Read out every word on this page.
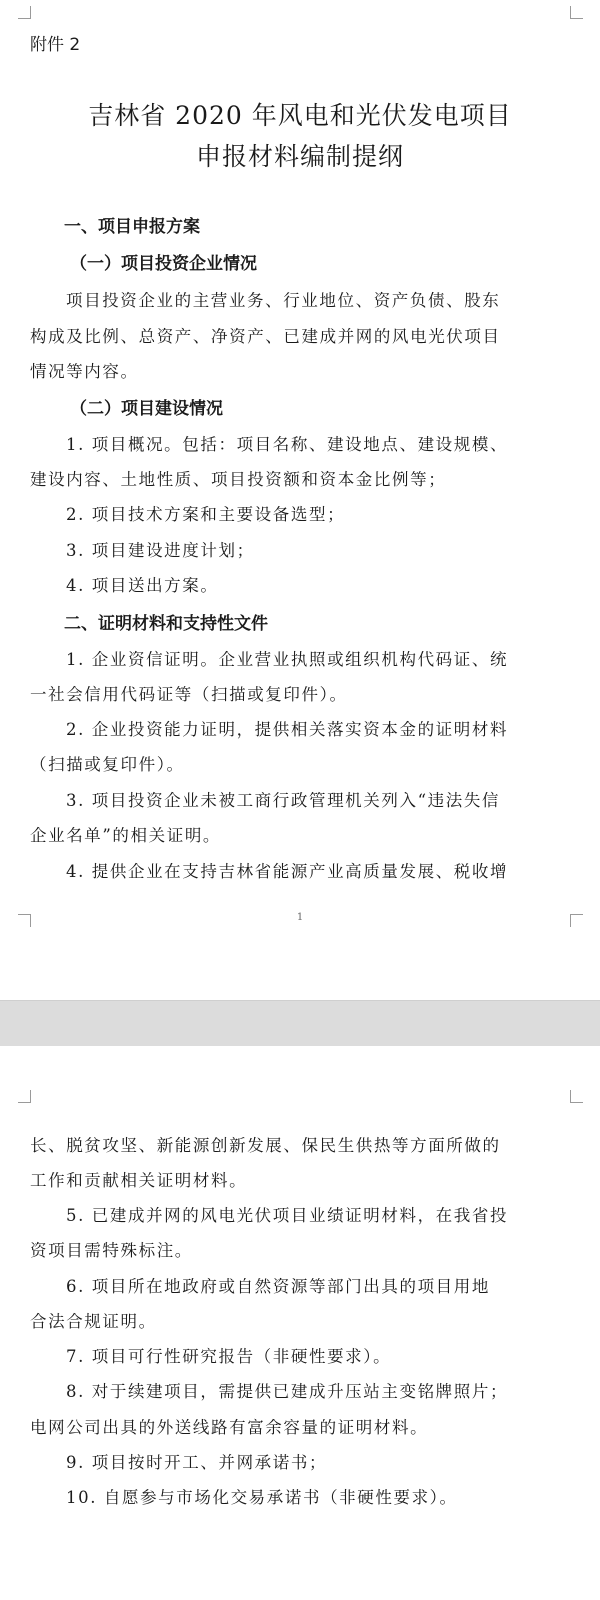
附件 2
吉林省 2020 年风电和光伏发电项目
申报材料编制提纲
一、项目申报方案
（一）项目投资企业情况
项目投资企业的主营业务、行业地位、资产负债、股东
构成及比例、总资产、净资产、已建成并网的风电光伏项目
情况等内容。
（二）项目建设情况
1. 项目概况。包括：项目名称、建设地点、建设规模、
建设内容、土地性质、项目投资额和资本金比例等；
2. 项目技术方案和主要设备选型；
3. 项目建设进度计划；
4. 项目送出方案。
二、证明材料和支持性文件
1. 企业资信证明。企业营业执照或组织机构代码证、统
一社会信用代码证等（扫描或复印件）。
2. 企业投资能力证明，提供相关落实资本金的证明材料
（扫描或复印件）。
3. 项目投资企业未被工商行政管理机关列入“违法失信
企业名单”的相关证明。
4. 提供企业在支持吉林省能源产业高质量发展、税收增
1
长、脱贫攻坚、新能源创新发展、保民生供热等方面所做的
工作和贡献相关证明材料。
5. 已建成并网的风电光伏项目业绩证明材料，在我省投
资项目需特殊标注。
6. 项目所在地政府或自然资源等部门出具的项目用地
合法合规证明。
7. 项目可行性研究报告（非硬性要求）。
8. 对于续建项目，需提供已建成升压站主变铭牌照片；
电网公司出具的外送线路有富余容量的证明材料。
9. 项目按时开工、并网承诺书；
10. 自愿参与市场化交易承诺书（非硬性要求）。
